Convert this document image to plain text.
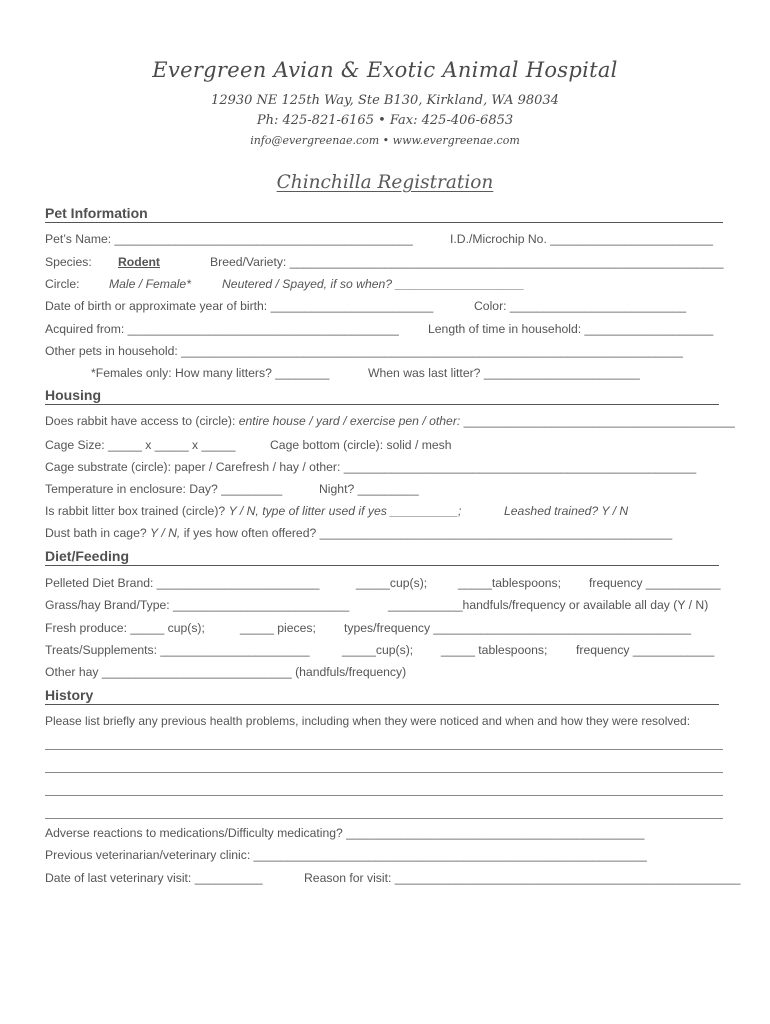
Evergreen Avian & Exotic Animal Hospital
12930 NE 125th Way, Ste B130, Kirkland, WA 98034
Ph: 425-821-6165 • Fax: 425-406-6853
info@evergreenae.com • www.evergreenae.com
Chinchilla Registration
Pet Information
Pet’s Name: ____________________________________________	I.D./Microchip No. ________________________
Species:	Rodent	Breed/Variety: ________________________________________________________________
Circle: Male / Female*	Neutered / Spayed, if so when? ___________________
Date of birth or approximate year of birth: ________________________	Color: __________________________
Acquired from: ________________________________________ Length of time in household: ___________________
Other pets in household: __________________________________________________________________________
*Females only: How many litters? ________	When was last litter? _______________________
Housing
Does rabbit have access to (circle): entire house / yard / exercise pen / other: ________________________________________
Cage Size: _____ x _____ x _____	Cage bottom (circle): solid / mesh
Cage substrate (circle): paper / Carefresh / hay / other: ____________________________________________________
Temperature in enclosure: Day? _________	Night? _________
Is rabbit litter box trained (circle)? Y / N, type of litter used if yes __________;	Leashed trained? Y / N
Dust bath in cage? Y / N, if yes how often offered? ____________________________________________________
Diet/Feeding
Pelleted Diet Brand: ________________________	_____cup(s);	_____tablespoons; frequency ___________
Grass/hay Brand/Type: __________________________	___________handfuls/frequency or available all day (Y / N)
Fresh produce: _____ cup(s);	_____ pieces; types/frequency ______________________________________
Treats/Supplements: ______________________	_____cup(s); _____ tablespoons; frequency ____________
Other hay ____________________________ (handfuls/frequency)
History
Please list briefly any previous health problems, including when they were noticed and when and how they were resolved:
Adverse reactions to medications/Difficulty medicating? ____________________________________________
Previous veterinarian/veterinary clinic: __________________________________________________________
Date of last veterinary visit: __________	Reason for visit: ___________________________________________________
